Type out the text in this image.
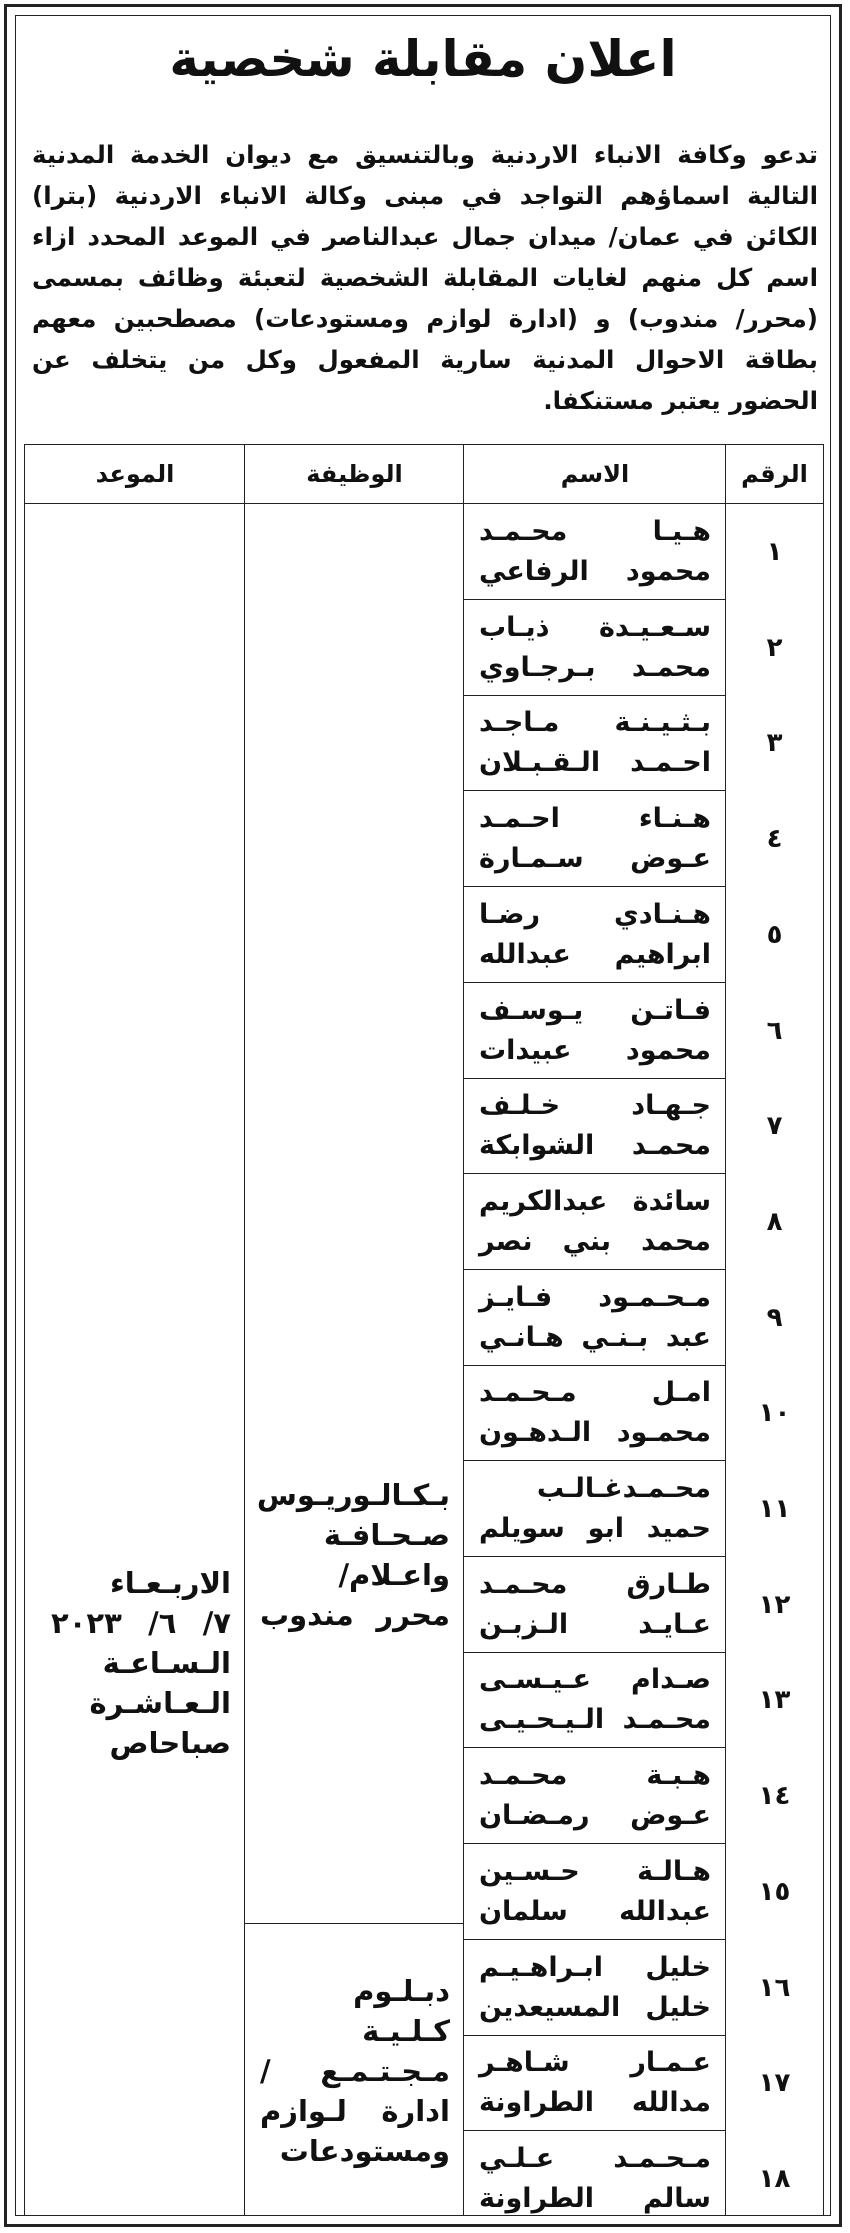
اعلان مقابلة شخصية
تدعو وكافة الانباء الاردنية وبالتنسيق مع ديوان الخدمة المدنية التالية اسماؤهم التواجد في مبنى وكالة الانباء الاردنية (بترا) الكائن في عمان/ ميدان جمال عبدالناصر في الموعد المحدد ازاء اسم كل منهم لغايات المقابلة الشخصية لتعبئة وظائف بمسمى (محرر/ مندوب) و (ادارة لوازم ومستودعات) مصطحبين معهم بطاقة الاحوال المدنية سارية المفعول وكل من يتخلف عن الحضور يعتبر مستنكفا.
الرقم
الاسم
الوظيفة
الموعد
١
هـيـا محـمـد
محمود الرفاعي
٢
سـعـيـدة ذيـاب
محمـد بـرجـاوي
٣
بـثـيـنـة مـاجـد
احـمـد الـقـبـلان
٤
هـنـاء احـمـد
عـوض سـمـارة
٥
هـنـادي رضـا
ابراهيم عبدالله
٦
فـاتـن يـوسـف
محمود عبيدات
٧
جـهـاد خـلـف
محمـد الشوابكة
٨
سائدة عبدالكريم
محمد بني نصر
٩
مـحـمـود فـايـز
عبد بـنـي هـانـي
١٠
امـل مـحـمـد
محمـود الـدهـون
١١
محـمـدغـالـب
حميد ابو سويلم
١٢
طـارق محـمـد
عـايـد الـزبـن
١٣
صـدام عـيـسـى
محـمـد الـيـحـيـى
١٤
هـبـة محـمـد
عـوض رمـضـان
١٥
هـالـة حـسـين
عبدالله سلمان
١٦
خليل ابـراهـيـم
خليل المسيعدين
١٧
عـمـار شـاهـر
مدالله الطراونة
١٨
مـحـمـد عـلـي
سالم الطراونة
بـكـالـوريـوس
صـحـافـة
واعـلام/
محرر مندوب
دبـلـوم كـلـيـة
مـجـتـمـع /
ادارة لـوازم
ومستودعات
الاربـعـاء
٧/ ٦/ ٢٠٢٣
الـسـاعـة
الـعـاشـرة
صباحاص
